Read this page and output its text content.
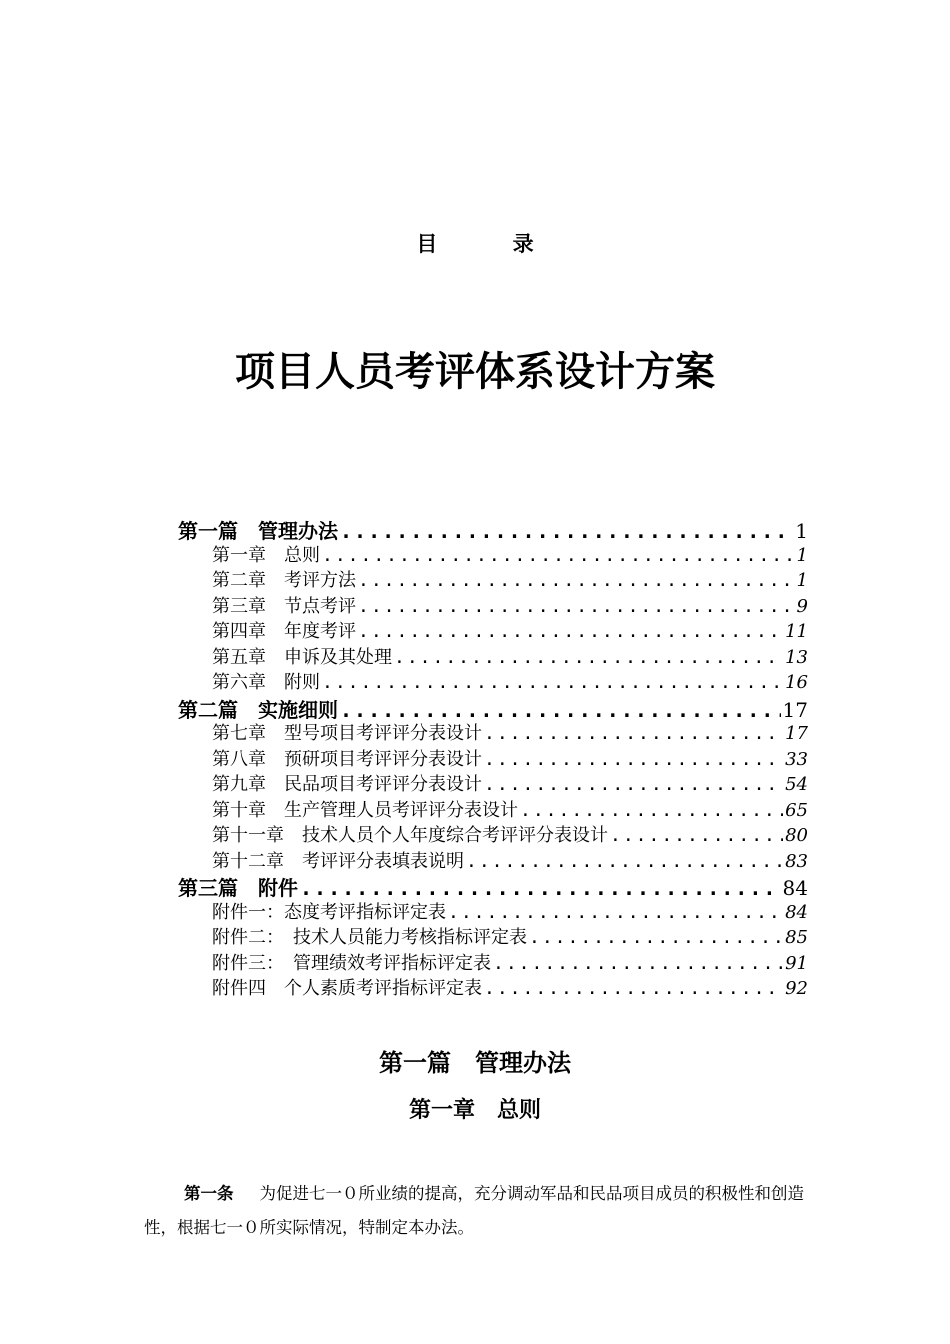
目 录
项目人员考评体系设计方案
第一篇　管理办法 .....	1
第一章　总则 .....	1
第二章　考评方法 .....	1
第三章　节点考评 .....	9
第四章　年度考评 .....	11
第五章　申诉及其处理 .....	13
第六章　附则 .....	16
第二篇　实施细则 .....	17
第七章　型号项目考评评分表设计 .....	17
第八章　预研项目考评评分表设计 .....	33
第九章　民品项目考评评分表设计 .....	54
第十章　生产管理人员考评评分表设计 .....	65
第十一章　技术人员个人年度综合考评评分表设计 .....	80
第十二章　考评评分表填表说明 .....	83
第三篇　附件 .....	84
附件一：态度考评指标评定表 .....	84
附件二：　技术人员能力考核指标评定表 .....	85
附件三：　管理绩效考评指标评定表 .....	91
附件四　个人素质考评指标评定表 .....	92
第一篇　管理办法
第一章　总则

第一条 为促进七一０所业绩的提高，充分调动军品和民品项目成员的积极性和创造性，根据七一０所实际情况，特制定本办法。
